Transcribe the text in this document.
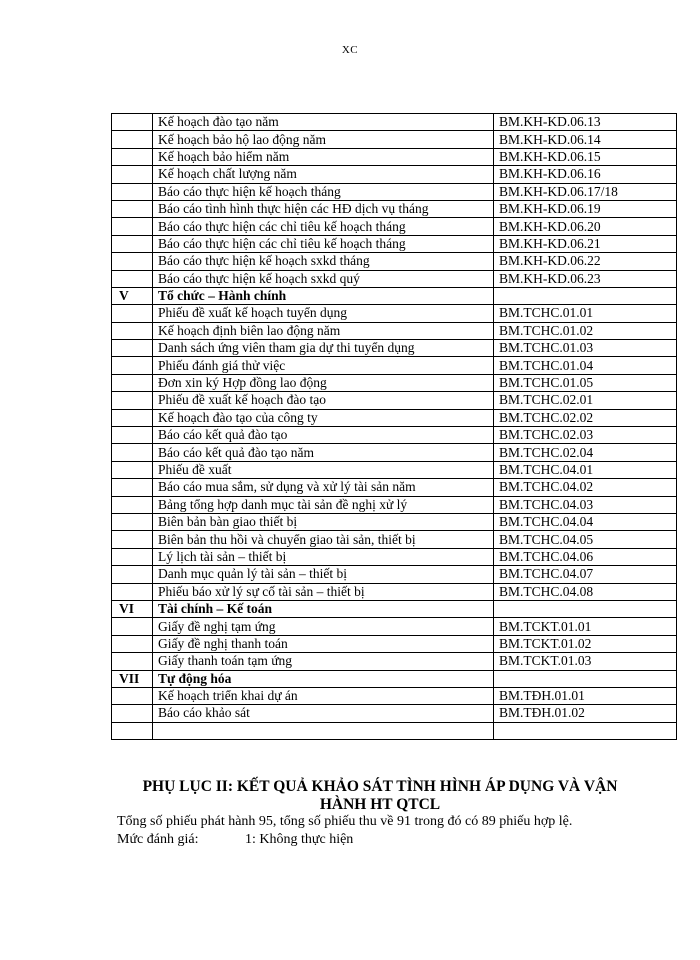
XC
	Kế hoạch đào tạo năm	BM.KH-KD.06.13
	Kế hoạch bảo hộ lao động năm	BM.KH-KD.06.14
	Kế hoạch bảo hiểm năm	BM.KH-KD.06.15
	Kế hoạch chất lượng năm	BM.KH-KD.06.16
	Báo cáo thực hiện kế hoạch tháng	BM.KH-KD.06.17/18
	Báo cáo tình hình thực hiện các HĐ dịch vụ tháng	BM.KH-KD.06.19
	Báo cáo thực hiện các chỉ tiêu kế hoạch tháng	BM.KH-KD.06.20
	Báo cáo thực hiện các chỉ tiêu kế hoạch tháng	BM.KH-KD.06.21
	Báo cáo thực hiện kế hoạch sxkd tháng	BM.KH-KD.06.22
	Báo cáo thực hiện kế hoạch sxkd quý	BM.KH-KD.06.23
V	Tổ chức – Hành chính	
	Phiếu đề xuất kế hoạch tuyển dụng	BM.TCHC.01.01
	Kế hoạch định biên lao động năm	BM.TCHC.01.02
	Danh sách ứng viên tham gia dự thi tuyển dụng	BM.TCHC.01.03
	Phiếu đánh giá thử việc	BM.TCHC.01.04
	Đơn xin ký Hợp đồng lao động	BM.TCHC.01.05
	Phiếu đề xuất kế hoạch đào tạo	BM.TCHC.02.01
	Kế hoạch đào tạo của công ty	BM.TCHC.02.02
	Báo cáo kết quả đào tạo	BM.TCHC.02.03
	Báo cáo kết quả đào tạo năm	BM.TCHC.02.04
	Phiếu đề xuất	BM.TCHC.04.01
	Báo cáo mua sắm, sử dụng và xử lý tài sản năm	BM.TCHC.04.02
	Bảng tổng hợp danh mục tài sản đề nghị xử lý	BM.TCHC.04.03
	Biên bản bàn giao thiết bị	BM.TCHC.04.04
	Biên bản thu hồi và chuyển giao tài sản, thiết bị	BM.TCHC.04.05
	Lý lịch tài sản – thiết bị	BM.TCHC.04.06
	Danh mục quản lý tài sản – thiết bị	BM.TCHC.04.07
	Phiếu báo xử lý sự cố tài sản – thiết bị	BM.TCHC.04.08
VI	Tài chính – Kế toán	
	Giấy đề nghị tạm ứng	BM.TCKT.01.01
	Giấy đề nghị thanh toán	BM.TCKT.01.02
	Giấy thanh toán tạm ứng	BM.TCKT.01.03
VII	Tự động hóa	
	Kế hoạch triển khai dự án	BM.TĐH.01.01
	Báo cáo khảo sát	BM.TĐH.01.02

PHỤ LỤC II: KẾT QUẢ KHẢO SÁT TÌNH HÌNH ÁP DỤNG VÀ VẬN
HÀNH HT QTCL
Tổng số phiếu phát hành 95, tổng số phiếu thu về 91 trong đó có 89 phiếu hợp lệ.
Mức đánh giá:	1: Không thực hiện
